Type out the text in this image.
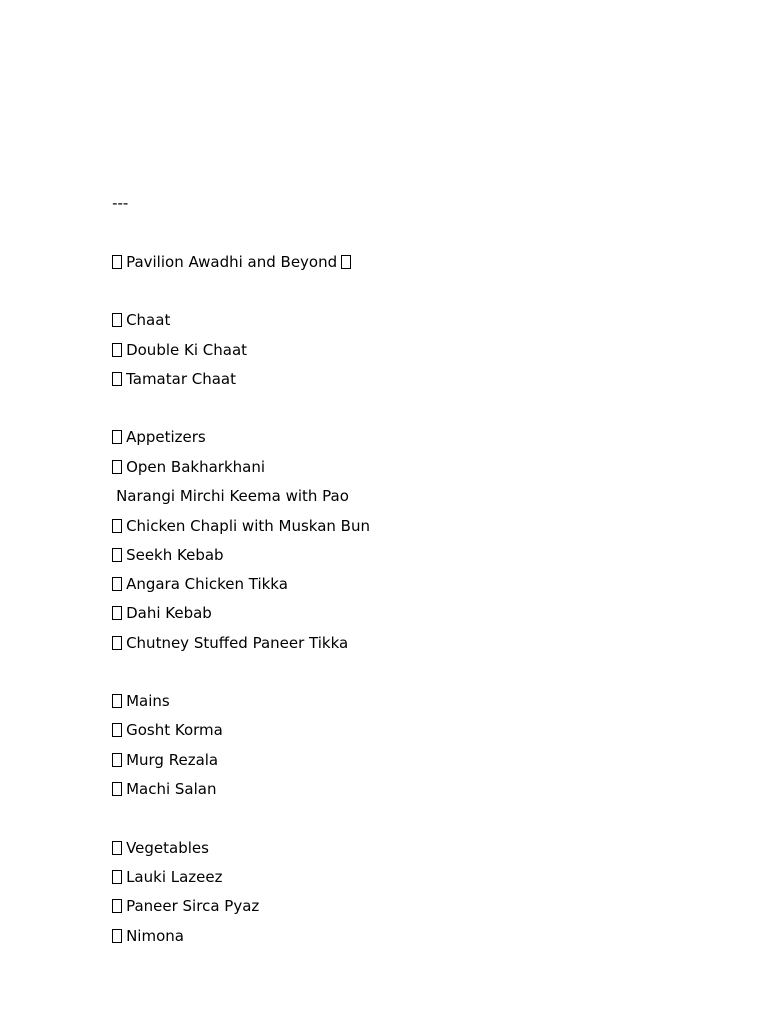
---

Pavilion Awadhi and Beyond

Chaat

Double Ki Chaat

Tamatar Chaat

Appetizers

Open Bakharkhani

Narangi Mirchi Keema with Pao

Chicken Chapli with Muskan Bun

Seekh Kebab

Angara Chicken Tikka

Dahi Kebab

Chutney Stuffed Paneer Tikka

Mains

Gosht Korma

Murg Rezala

Machi Salan

Vegetables

Lauki Lazeez

Paneer Sirca Pyaz

Nimona
